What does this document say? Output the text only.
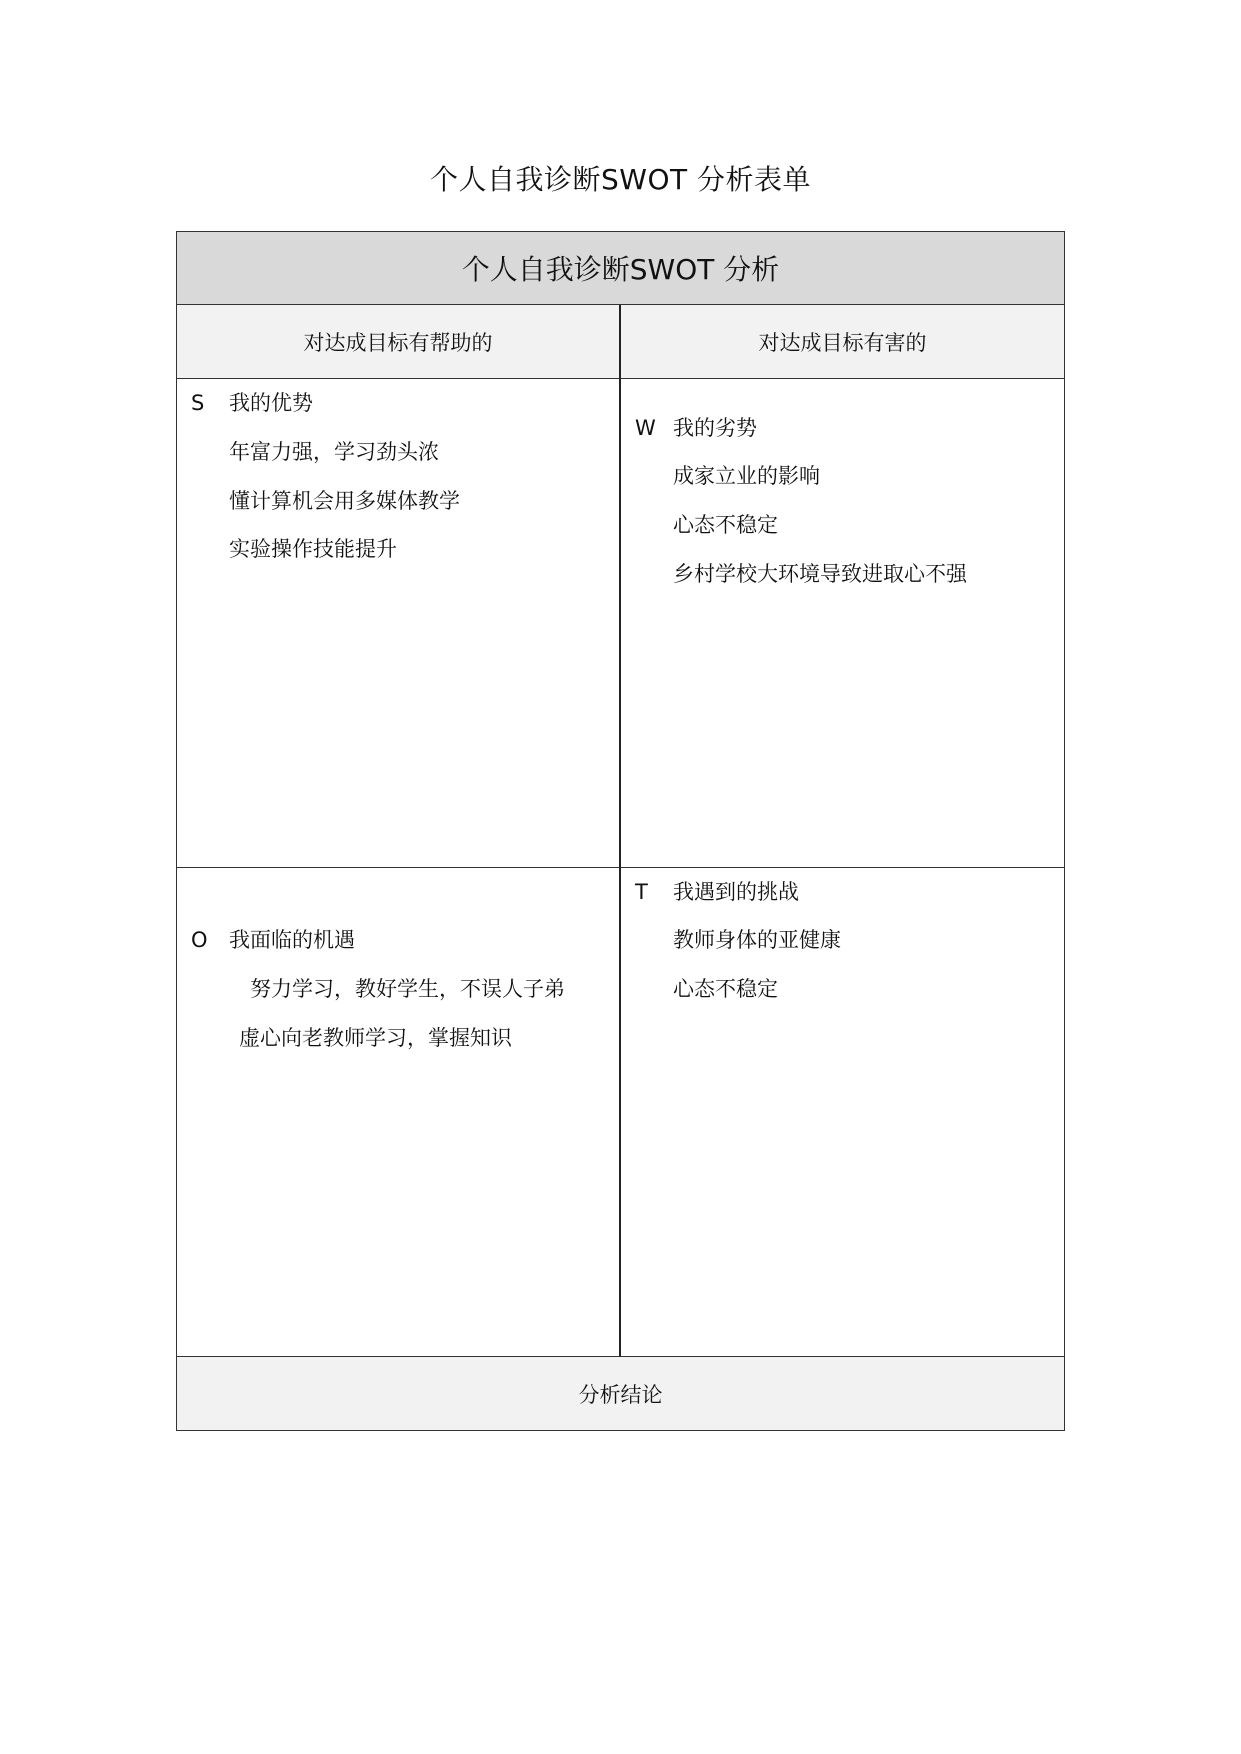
个人自我诊断SWOT 分析表单
个人自我诊断SWOT 分析
对达成目标有帮助的	对达成目标有害的
S 我的优势
年富力强，学习劲头浓
懂计算机会用多媒体教学
实验操作技能提升
W 我的劣势
成家立业的影响
心态不稳定
乡村学校大环境导致进取心不强
O 我面临的机遇
努力学习，教好学生，不误人子弟
虚心向老教师学习，掌握知识
T 我遇到的挑战
教师身体的亚健康
心态不稳定
分析结论
